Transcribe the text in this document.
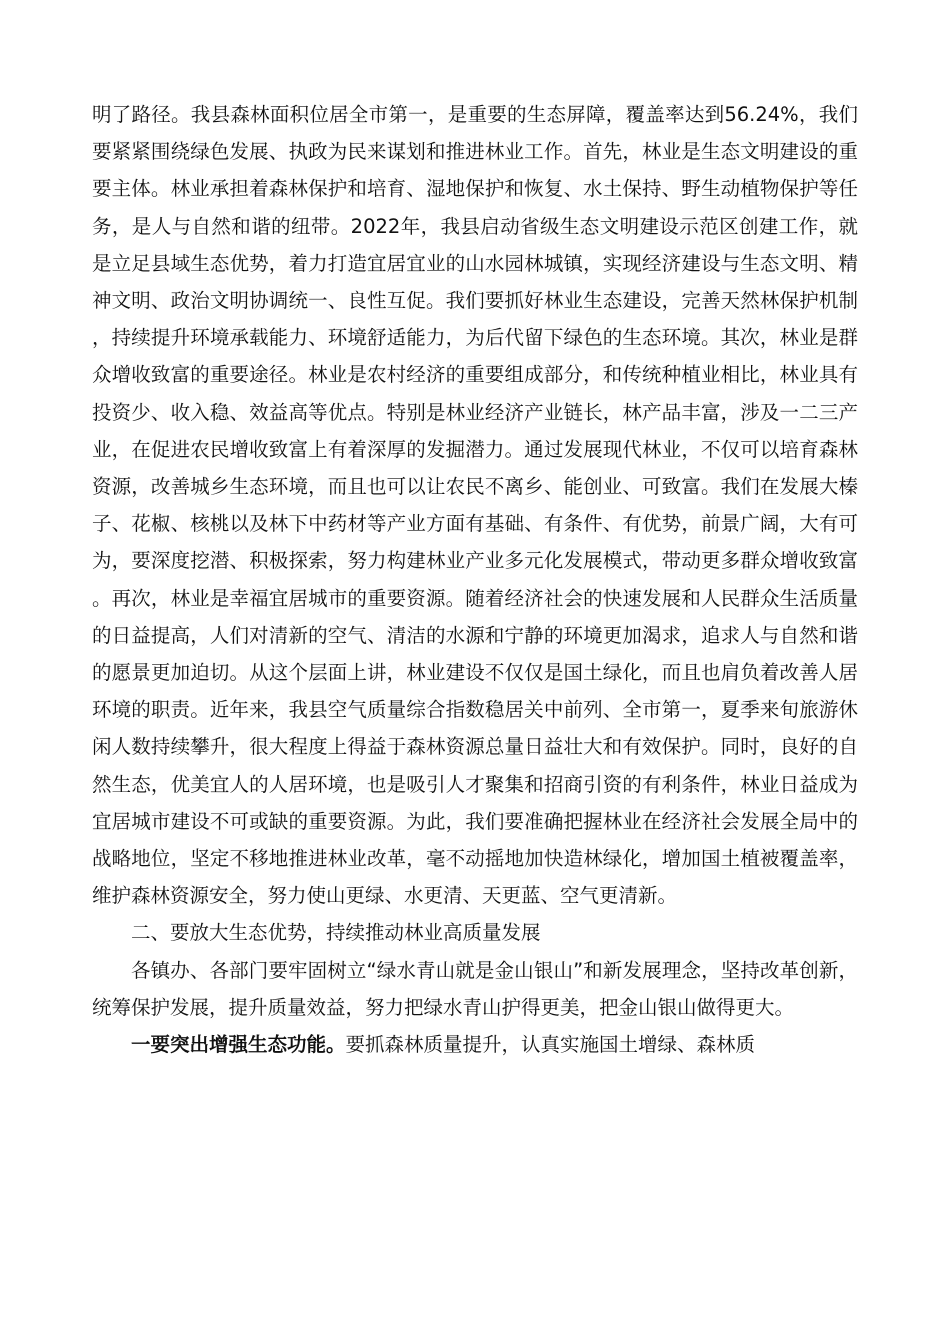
明了路径。我县森林面积位居全市第一，是重要的生态屏障，覆盖率达到56.24%，我们要紧紧围绕绿色发展、执政为民来谋划和推进林业工作。首先，林业是生态文明建设的重要主体。林业承担着森林保护和培育、湿地保护和恢复、水土保持、野生动植物保护等任务，是人与自然和谐的纽带。2022年，我县启动省级生态文明建设示范区创建工作，就是立足县域生态优势，着力打造宜居宜业的山水园林城镇，实现经济建设与生态文明、精神文明、政治文明协调统一、良性互促。我们要抓好林业生态建设，完善天然林保护机制，持续提升环境承载能力、环境舒适能力，为后代留下绿色的生态环境。其次，林业是群众增收致富的重要途径。林业是农村经济的重要组成部分，和传统种植业相比，林业具有投资少、收入稳、效益高等优点。特别是林业经济产业链长，林产品丰富，涉及一二三产业，在促进农民增收致富上有着深厚的发掘潜力。通过发展现代林业，不仅可以培育森林资源，改善城乡生态环境，而且也可以让农民不离乡、能创业、可致富。我们在发展大榛子、花椒、核桃以及林下中药材等产业方面有基础、有条件、有优势，前景广阔，大有可为，要深度挖潜、积极探索，努力构建林业产业多元化发展模式，带动更多群众增收致富。再次，林业是幸福宜居城市的重要资源。随着经济社会的快速发展和人民群众生活质量的日益提高，人们对清新的空气、清洁的水源和宁静的环境更加渴求，追求人与自然和谐的愿景更加迫切。从这个层面上讲，林业建设不仅仅是国土绿化，而且也肩负着改善人居环境的职责。近年来，我县空气质量综合指数稳居关中前列、全市第一，夏季来旬旅游休闲人数持续攀升，很大程度上得益于森林资源总量日益壮大和有效保护。同时，良好的自然生态，优美宜人的人居环境，也是吸引人才聚集和招商引资的有利条件，林业日益成为宜居城市建设不可或缺的重要资源。为此，我们要准确把握林业在经济社会发展全局中的战略地位，坚定不移地推进林业改革，毫不动摇地加快造林绿化，增加国土植被覆盖率，维护森林资源安全，努力使山更绿、水更清、天更蓝、空气更清新。

二、要放大生态优势，持续推动林业高质量发展

各镇办、各部门要牢固树立“绿水青山就是金山银山”和新发展理念，坚持改革创新，统筹保护发展，提升质量效益，努力把绿水青山护得更美，把金山银山做得更大。

一要突出增强生态功能。要抓森林质量提升，认真实施国土增绿、森林质
